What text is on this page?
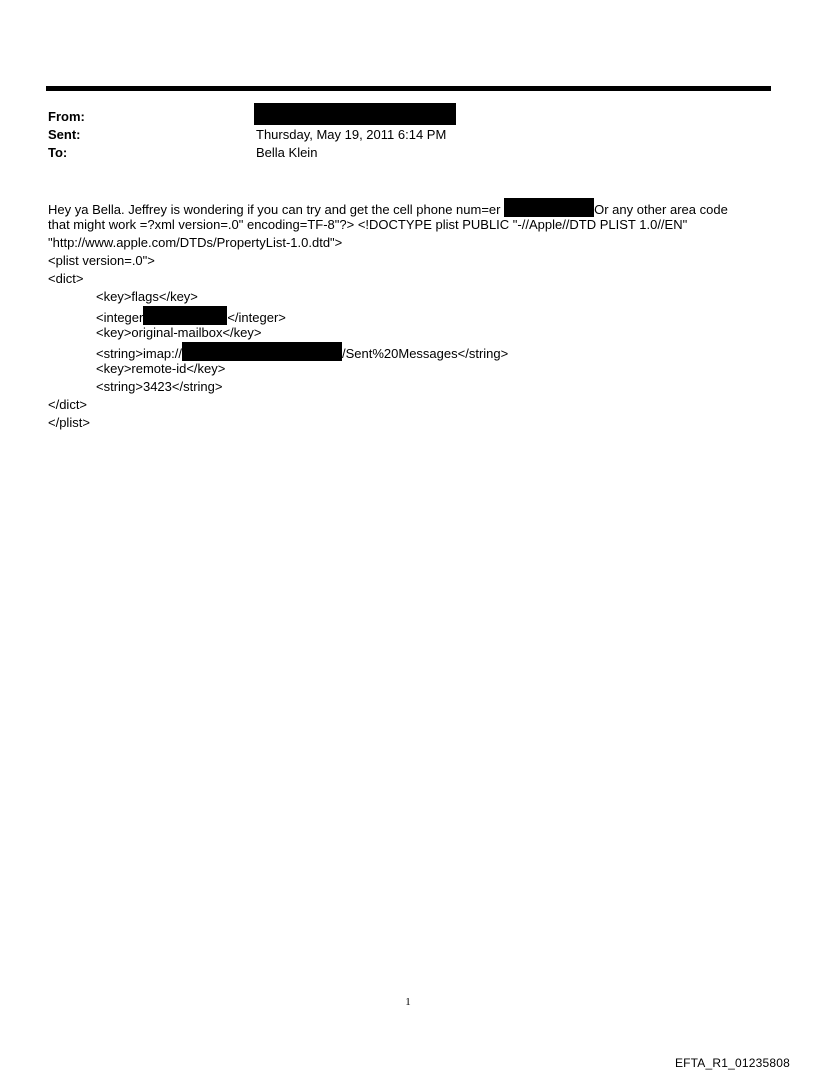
From:
Sent:	Thursday, May 19, 2011 6:14 PM
To:	Bella Klein
Hey ya Bella. Jeffrey is wondering if you can try and get the cell phone num=er	Or any other area code
that might work =?xml version=.0" encoding=TF-8"?> <!DOCTYPE plist PUBLIC "-//Apple//DTD PLIST 1.0//EN"
"http://www.apple.com/DTDs/PropertyList-1.0.dtd">
<plist version=.0">
<dict>
<key>flags</key>
<integer	</integer>
<key>original-mailbox</key>
<string>imap://	/Sent%20Messages</string>
<key>remote-id</key>
<string>3423</string>
</dict>
</plist>
1
EFTA_R1_01235808
